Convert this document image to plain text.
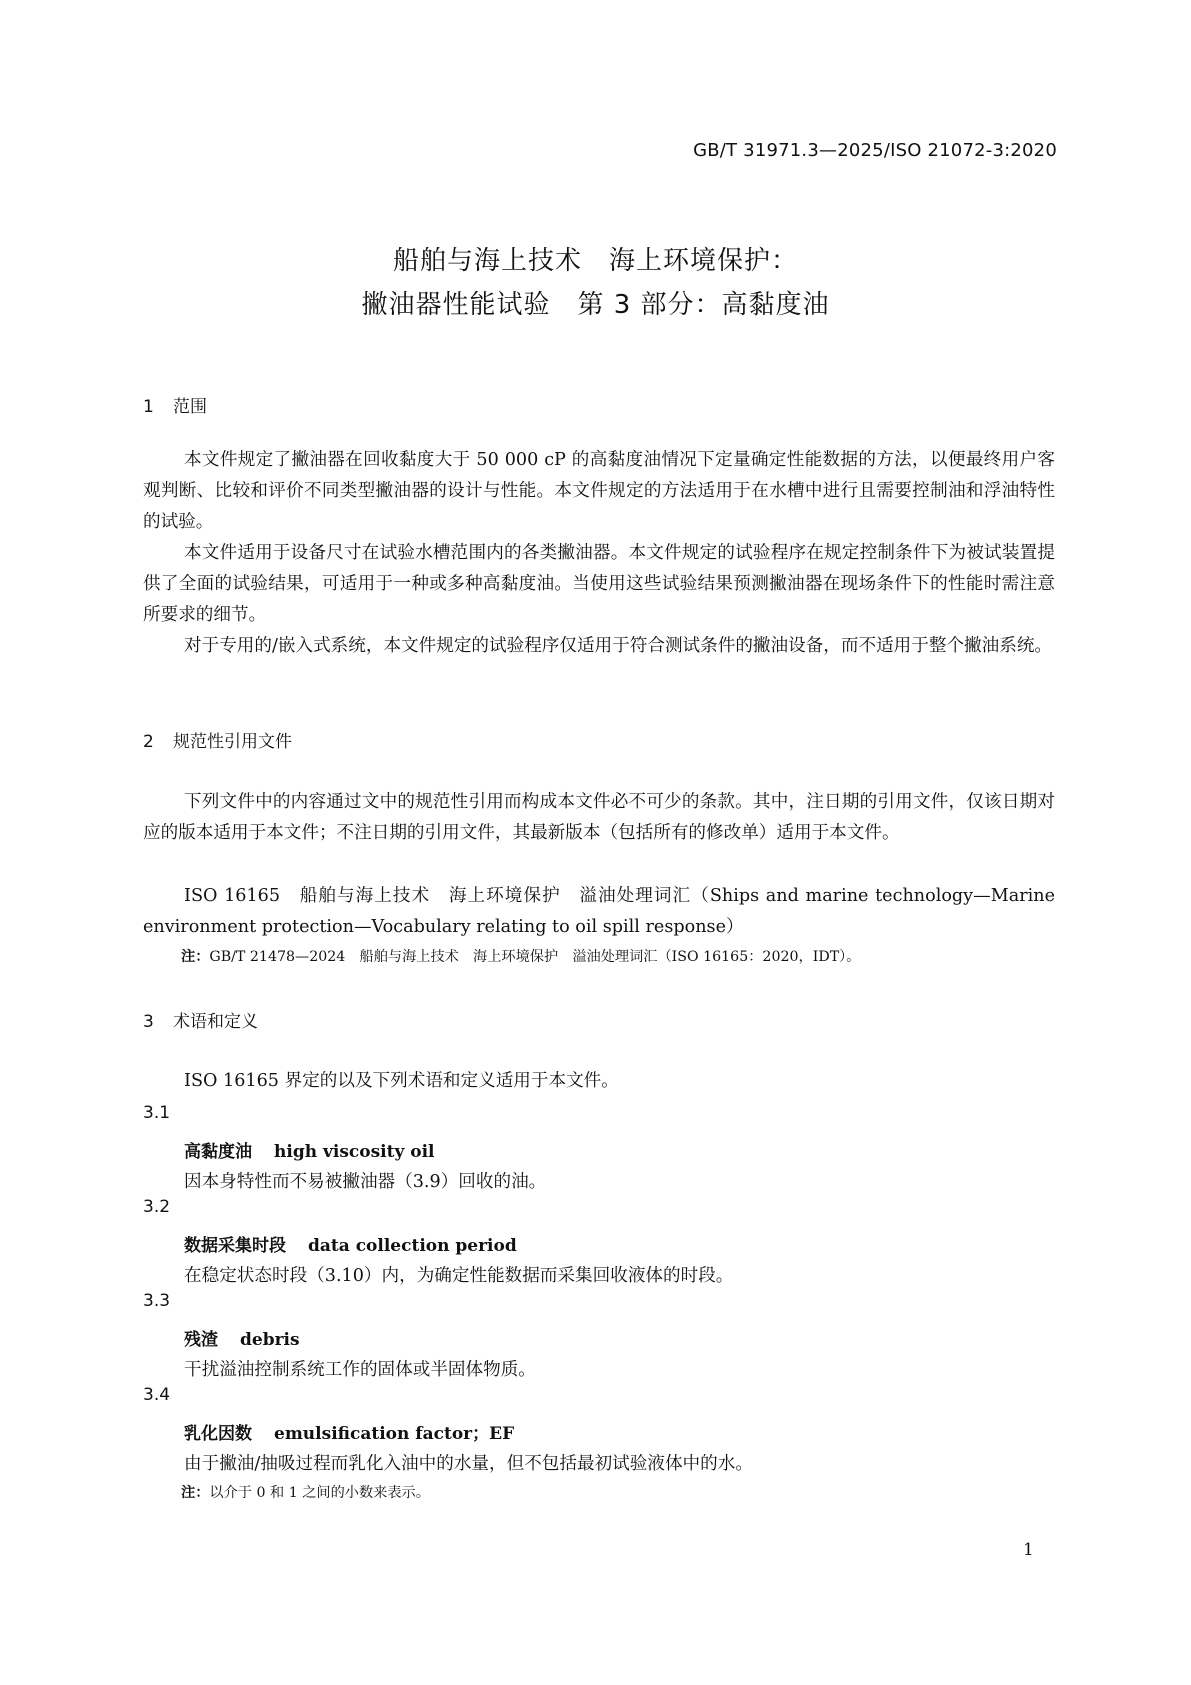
GB/T 31971.3—2025/ISO 21072-3:2020
船舶与海上技术　海上环境保护：
撇油器性能试验　第 3 部分：高黏度油
1 范围
本文件规定了撇油器在回收黏度大于 50 000 cP 的高黏度油情况下定量确定性能数据的方法，以便最终用户客观判断、比较和评价不同类型撇油器的设计与性能。本文件规定的方法适用于在水槽中进行且需要控制油和浮油特性的试验。
本文件适用于设备尺寸在试验水槽范围内的各类撇油器。本文件规定的试验程序在规定控制条件下为被试装置提供了全面的试验结果，可适用于一种或多种高黏度油。当使用这些试验结果预测撇油器在现场条件下的性能时需注意所要求的细节。
对于专用的/嵌入式系统，本文件规定的试验程序仅适用于符合测试条件的撇油设备，而不适用于整个撇油系统。
2 规范性引用文件
下列文件中的内容通过文中的规范性引用而构成本文件必不可少的条款。其中，注日期的引用文件，仅该日期对应的版本适用于本文件；不注日期的引用文件，其最新版本（包括所有的修改单）适用于本文件。
ISO 16165　船舶与海上技术　海上环境保护　溢油处理词汇（Ships and marine technology—Marine environment protection—Vocabulary relating to oil spill response）
注：GB/T 21478—2024　船舶与海上技术　海上环境保护　溢油处理词汇（ISO 16165：2020，IDT）。
3 术语和定义
ISO 16165 界定的以及下列术语和定义适用于本文件。
3.1
高黏度油 high viscosity oil
因本身特性而不易被撇油器（3.9）回收的油。
3.2
数据采集时段 data collection period
在稳定状态时段（3.10）内，为确定性能数据而采集回收液体的时段。
3.3
残渣 debris
干扰溢油控制系统工作的固体或半固体物质。
3.4
乳化因数 emulsification factor；EF
由于撇油/抽吸过程而乳化入油中的水量，但不包括最初试验液体中的水。
注：以介于 0 和 1 之间的小数来表示。
1
